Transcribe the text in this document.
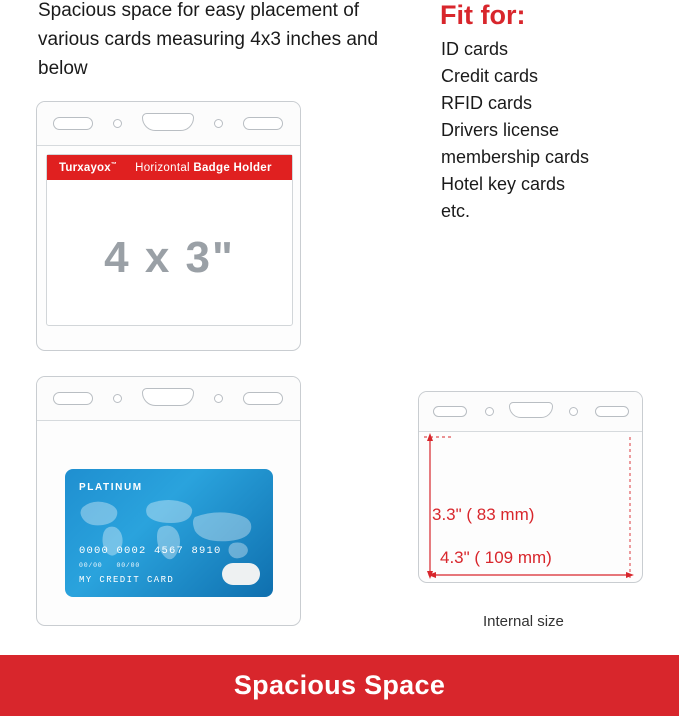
Spacious space for easy placement of various cards measuring 4x3 inches and below
Fit for:
ID cards
Credit cards
RFID cards
Drivers license
membership cards
Hotel key cards
etc.
Turxayox™ Horizontal Badge Holder
4 x 3"
PLATINUM
0000 0002 4567 8910
00/00 00/00
MY CREDIT CARD
3.3" ( 83 mm)
4.3" ( 109 mm)
Internal size
Spacious Space
